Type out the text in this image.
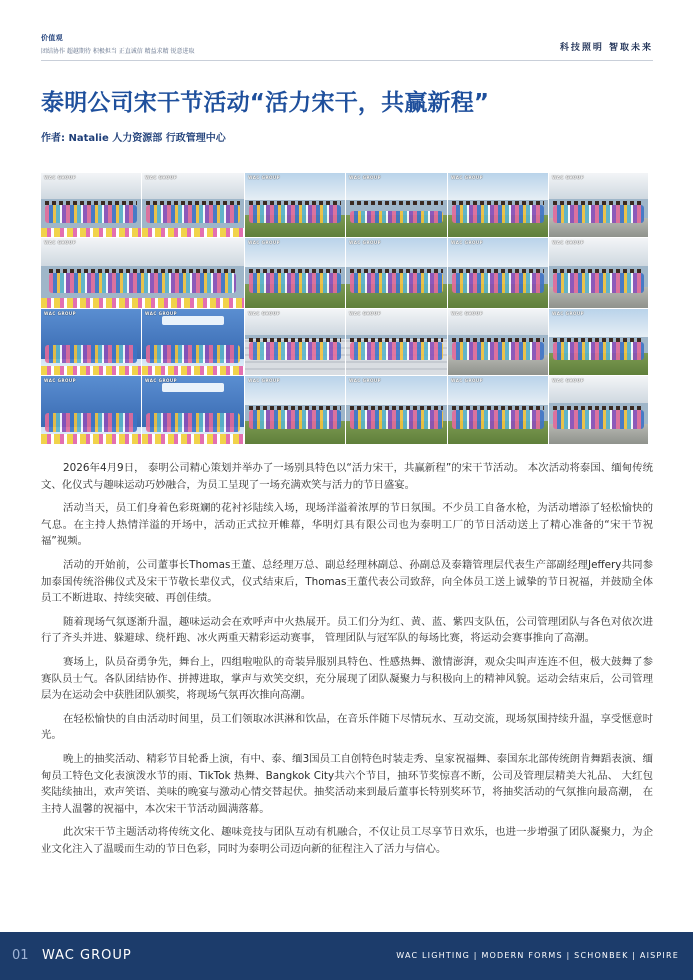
价值观
团结协作 超越期待 积极担当 正直诚信 精益求精 锐意进取	科技照明 智取未来
泰明公司宋干节活动“活力宋干，共赢新程”
作者: Natalie 人力资源部 行政管理中心
WAC GROUP	WAC GROUP
WAC GROUP
WAC GROUP	WAC GROUP
WAC GROUP	WAC GROUP
WAC GROUP	WAC GROUP
WAC GROUP	WAC GROUP
WAC GROUP	WAC GROUP
WAC GROUP	WAC GROUP
WAC GROUP	WAC GROUP
WAC GROUP	WAC GROUP
WAC GROUP	WAC GROUP
WAC GROUP	WAC GROUP

2026年4月9日， 泰明公司精心策划并举办了一场别具特色以“活力宋干，共赢新程”的宋干节活动。 本次活动将泰国、缅甸传统文、化仪式与趣味运动巧妙融合，为员工呈现了一场充满欢笑与活力的节日盛宴。

活动当天，员工们身着色彩斑斓的花衬衫陆续入场，现场洋溢着浓厚的节日氛围。不少员工自备水枪，为活动增添了轻松愉快的气息。在主持人热情洋溢的开场中，活动正式拉开帷幕，华明灯具有限公司也为泰明工厂的节日活动送上了精心准备的“宋干节祝福”视频。

活动的开始前，公司董事长Thomas王董、总经理万总、副总经理林副总、孙副总及泰籍管理层代表生产部副经理Jeffery共同参加泰国传统浴佛仪式及宋干节敬长辈仪式，仪式结束后，Thomas王董代表公司致辞，向全体员工送上诚挚的节日祝福，并鼓励全体员工不断进取、持续突破、再创佳绩。

随着现场气氛逐渐升温，趣味运动会在欢呼声中火热展开。员工们分为红、黄、蓝、紫四支队伍，公司管理团队与各色对依次进行了齐头并进、躲避球、绕杆跑、冰火两重天精彩运动赛事， 管理团队与冠军队的每场比赛，将运动会赛事推向了高潮。

赛场上，队员奋勇争先，舞台上，四组啦啦队的奇装异服别具特色、性感热舞、激情澎湃，观众尖叫声连连不但，极大鼓舞了参赛队员士气。各队团结协作、拼搏进取，掌声与欢笑交织，充分展现了团队凝聚力与积极向上的精神风貌。运动会结束后，公司管理层为在运动会中获胜团队颁奖，将现场气氛再次推向高潮。

在轻松愉快的自由活动时间里，员工们领取冰淇淋和饮品，在音乐伴随下尽情玩水、互动交流，现场氛围持续升温，享受惬意时光。

晚上的抽奖活动、精彩节目轮番上演，有中、泰、缅3国员工自创特色时装走秀、皇家祝福舞、泰国东北部传统朗肯舞蹈表演、缅甸员工特色文化表演泼水节的雨、TikTok 热舞、Bangkok City共六个节目，抽环节奖惊喜不断，公司及管理层精美大礼品、 大红包奖陆续抽出，欢声笑语、美味的晚宴与激动心情交替起伏。抽奖活动来到最后董事长特别奖环节，将抽奖活动的气氛推向最高潮， 在主持人温馨的祝福中，本次宋干节活动圆满落幕。

此次宋干节主题活动将传统文化、趣味竞技与团队互动有机融合，不仅让员工尽享节日欢乐，也进一步增强了团队凝聚力，为企业文化注入了温暖而生动的节日色彩，同时为泰明公司迈向新的征程注入了活力与信心。

01 WAC GROUP	WAC LIGHTING | MODERN FORMS | SCHONBEK | AISPIRE
